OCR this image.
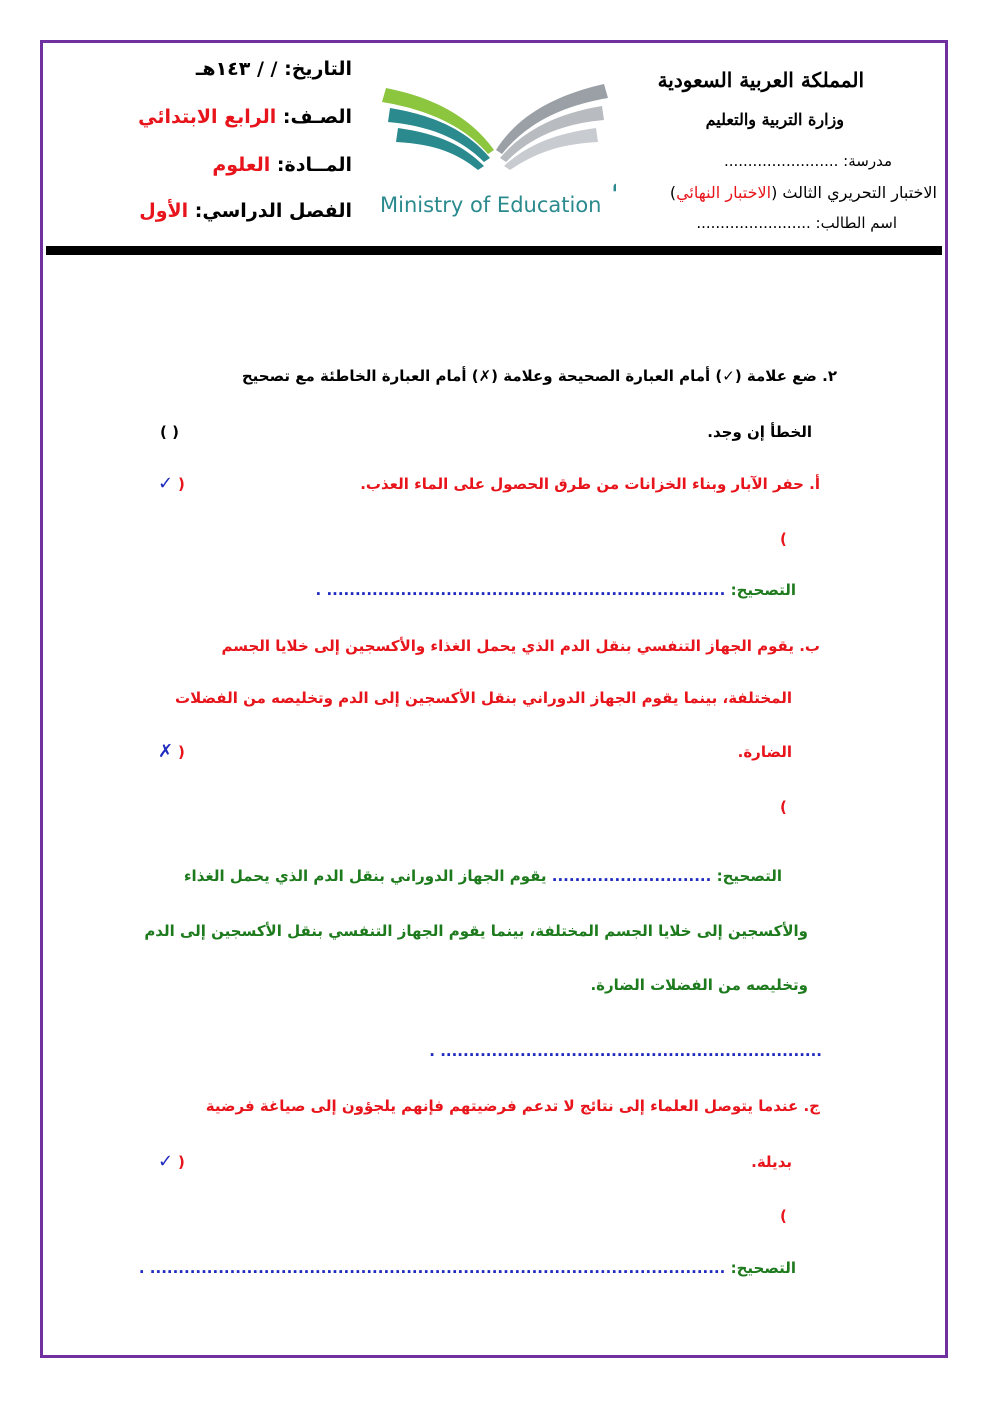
المملكة العربية السعودية
وزارة التربية والتعليم
مدرسة: ........................
الاختبار التحريري الثالث (الاختبار النهائي)
اسم الطالب: ........................
Ministry of Education
التاريخ: / / ١٤٣هـ
الصـف: الرابع الابتدائي
المــادة: العلوم
الفصل الدراسي: الأول
٢. ضع علامة (✓) أمام العبارة الصحيحة وعلامة (✗) أمام العبارة الخاطئة مع تصحيح
الخطأ إن وجد.
( )
أ. حفر الآبار وبناء الخزانات من طرق الحصول على الماء العذب.
✓ (
)
التصحيح: ...................................................................... .
ب. يقوم الجهاز التنفسي بنقل الدم الذي يحمل الغذاء والأكسجين إلى خلايا الجسم
المختلفة، بينما يقوم الجهاز الدوراني بنقل الأكسجين إلى الدم وتخليصه من الفضلات
الضارة.
✗ (
)
التصحيح: ............................ يقوم الجهاز الدوراني بنقل الدم الذي يحمل الغذاء
والأكسجين إلى خلايا الجسم المختلفة، بينما يقوم الجهاز التنفسي بنقل الأكسجين إلى الدم
وتخليصه من الفضلات الضارة.
................................................................... .
ج. عندما يتوصل العلماء إلى نتائج لا تدعم فرضيتهم فإنهم يلجؤون إلى صياغة فرضية
بديلة.
✓ (
)
التصحيح: ..................................................................................................... .
